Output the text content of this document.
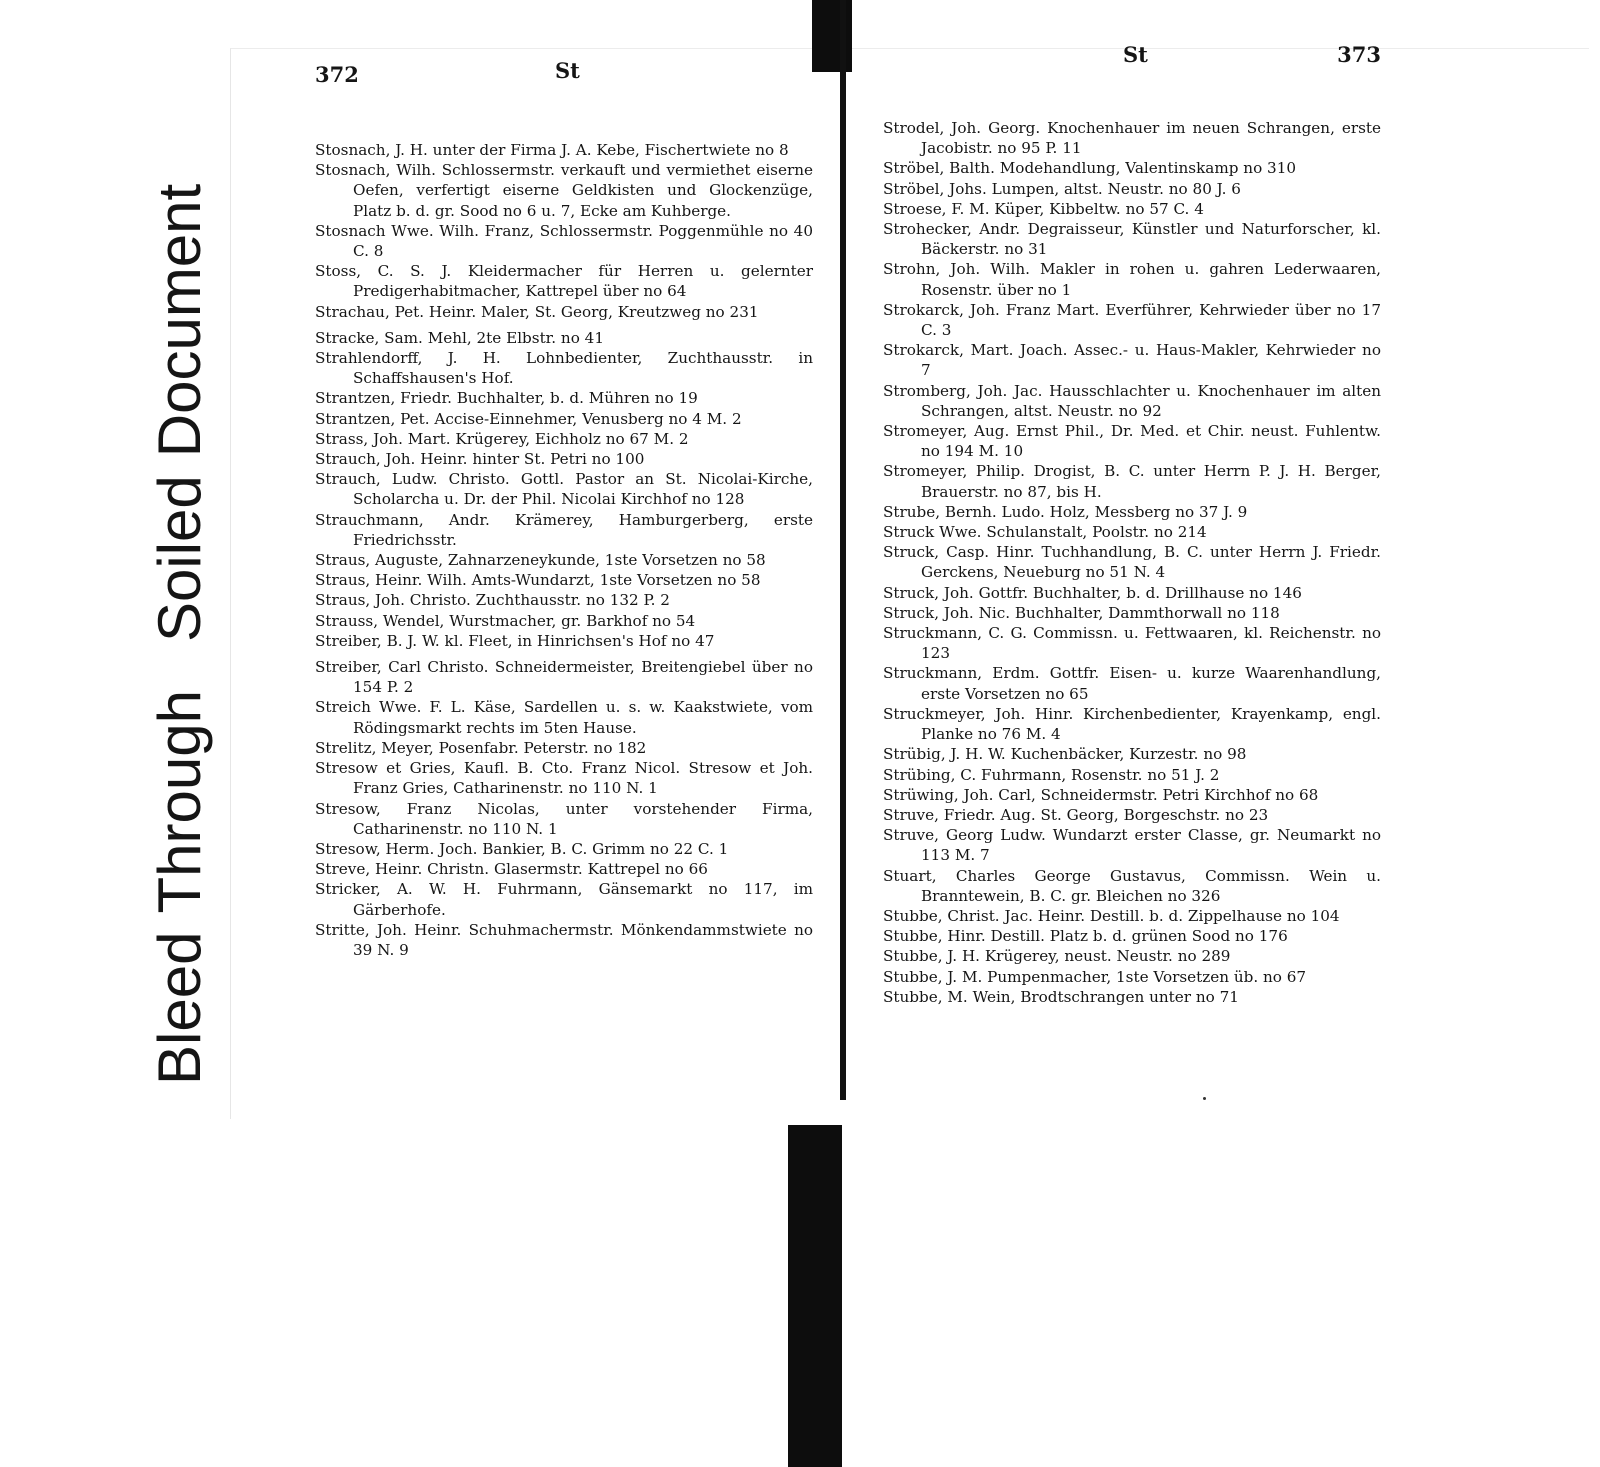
BleedThroughSoiledDocument
372	St

Stosnach, J. H. unter der Firma J. A. Kebe, Fischertwiete no 8

Stosnach, Wilh. Schlossermstr. verkauft und vermiethet eiserne Oefen, verfertigt eiserne Geldkisten und Glockenzüge, Platz b. d. gr. Sood no 6 u. 7, Ecke am Kuhberge.

Stosnach Wwe. Wilh. Franz, Schlossermstr. Poggenmühle no 40 C. 8

Stoss, C. S. J. Kleidermacher für Herren u. gelernter Predigerhabitmacher, Kattrepel über no 64

Strachau, Pet. Heinr. Maler, St. Georg, Kreutzweg no 231

Stracke, Sam. Mehl, 2te Elbstr. no 41

Strahlendorff, J. H. Lohnbedienter, Zuchthausstr. in Schaffshausen's Hof.

Strantzen, Friedr. Buchhalter, b. d. Mühren no 19

Strantzen, Pet. Accise-Einnehmer, Venusberg no 4 M. 2

Strass, Joh. Mart. Krügerey, Eichholz no 67 M. 2

Strauch, Joh. Heinr. hinter St. Petri no 100

Strauch, Ludw. Christo. Gottl. Pastor an St. Nicolai-Kirche, Scholarcha u. Dr. der Phil. Nicolai Kirchhof no 128

Strauchmann, Andr. Krämerey, Hamburgerberg, erste Friedrichsstr.

Straus, Auguste, Zahnarzeneykunde, 1ste Vorsetzen no 58

Straus, Heinr. Wilh. Amts-Wundarzt, 1ste Vorsetzen no 58

Straus, Joh. Christo. Zuchthausstr. no 132 P. 2

Strauss, Wendel, Wurstmacher, gr. Barkhof no 54

Streiber, B. J. W. kl. Fleet, in Hinrichsen's Hof no 47

Streiber, Carl Christo. Schneidermeister, Breitengiebel über no 154 P. 2

Streich Wwe. F. L. Käse, Sardellen u. s. w. Kaakstwiete, vom Rödingsmarkt rechts im 5ten Hause.

Strelitz, Meyer, Posenfabr. Peterstr. no 182

Stresow et Gries, Kaufl. B. Cto. Franz Nicol. Stresow et Joh. Franz Gries, Catharinenstr. no 110 N. 1

Stresow, Franz Nicolas, unter vorstehender Firma, Catharinenstr. no 110 N. 1

Stresow, Herm. Joch. Bankier, B. C. Grimm no 22 C. 1

Streve, Heinr. Christn. Glasermstr. Kattrepel no 66

Stricker, A. W. H. Fuhrmann, Gänsemarkt no 117, im Gärberhofe.

Stritte, Joh. Heinr. Schuhmachermstr. Mönkendammstwiete no 39 N. 9

St	373

Strodel, Joh. Georg. Knochenhauer im neuen Schrangen, erste Jacobistr. no 95 P. 11

Ströbel, Balth. Modehandlung, Valentinskamp no 310

Ströbel, Johs. Lumpen, altst. Neustr. no 80 J. 6

Stroese, F. M. Küper, Kibbeltw. no 57 C. 4

Strohecker, Andr. Degraisseur, Künstler und Naturforscher, kl. Bäckerstr. no 31

Strohn, Joh. Wilh. Makler in rohen u. gahren Lederwaaren, Rosenstr. über no 1

Strokarck, Joh. Franz Mart. Everführer, Kehrwieder über no 17 C. 3

Strokarck, Mart. Joach. Assec.- u. Haus-Makler, Kehrwieder no 7

Stromberg, Joh. Jac. Hausschlachter u. Knochenhauer im alten Schrangen, altst. Neustr. no 92

Stromeyer, Aug. Ernst Phil., Dr. Med. et Chir. neust. Fuhlentw. no 194 M. 10

Stromeyer, Philip. Drogist, B. C. unter Herrn P. J. H. Berger, Brauerstr. no 87, bis H.

Strube, Bernh. Ludo. Holz, Messberg no 37 J. 9

Struck Wwe. Schulanstalt, Poolstr. no 214

Struck, Casp. Hinr. Tuchhandlung, B. C. unter Herrn J. Friedr. Gerckens, Neueburg no 51 N. 4

Struck, Joh. Gottfr. Buchhalter, b. d. Drillhause no 146

Struck, Joh. Nic. Buchhalter, Dammthorwall no 118

Struckmann, C. G. Commissn. u. Fettwaaren, kl. Reichenstr. no 123

Struckmann, Erdm. Gottfr. Eisen- u. kurze Waarenhandlung, erste Vorsetzen no 65

Struckmeyer, Joh. Hinr. Kirchenbedienter, Krayenkamp, engl. Planke no 76 M. 4

Strübig, J. H. W. Kuchenbäcker, Kurzestr. no 98

Strübing, C. Fuhrmann, Rosenstr. no 51 J. 2

Strüwing, Joh. Carl, Schneidermstr. Petri Kirchhof no 68

Struve, Friedr. Aug. St. Georg, Borgeschstr. no 23

Struve, Georg Ludw. Wundarzt erster Classe, gr. Neumarkt no 113 M. 7

Stuart, Charles George Gustavus, Commissn. Wein u. Branntewein, B. C. gr. Bleichen no 326

Stubbe, Christ. Jac. Heinr. Destill. b. d. Zippelhause no 104

Stubbe, Hinr. Destill. Platz b. d. grünen Sood no 176

Stubbe, J. H. Krügerey, neust. Neustr. no 289

Stubbe, J. M. Pumpenmacher, 1ste Vorsetzen üb. no 67

Stubbe, M. Wein, Brodtschrangen unter no 71
